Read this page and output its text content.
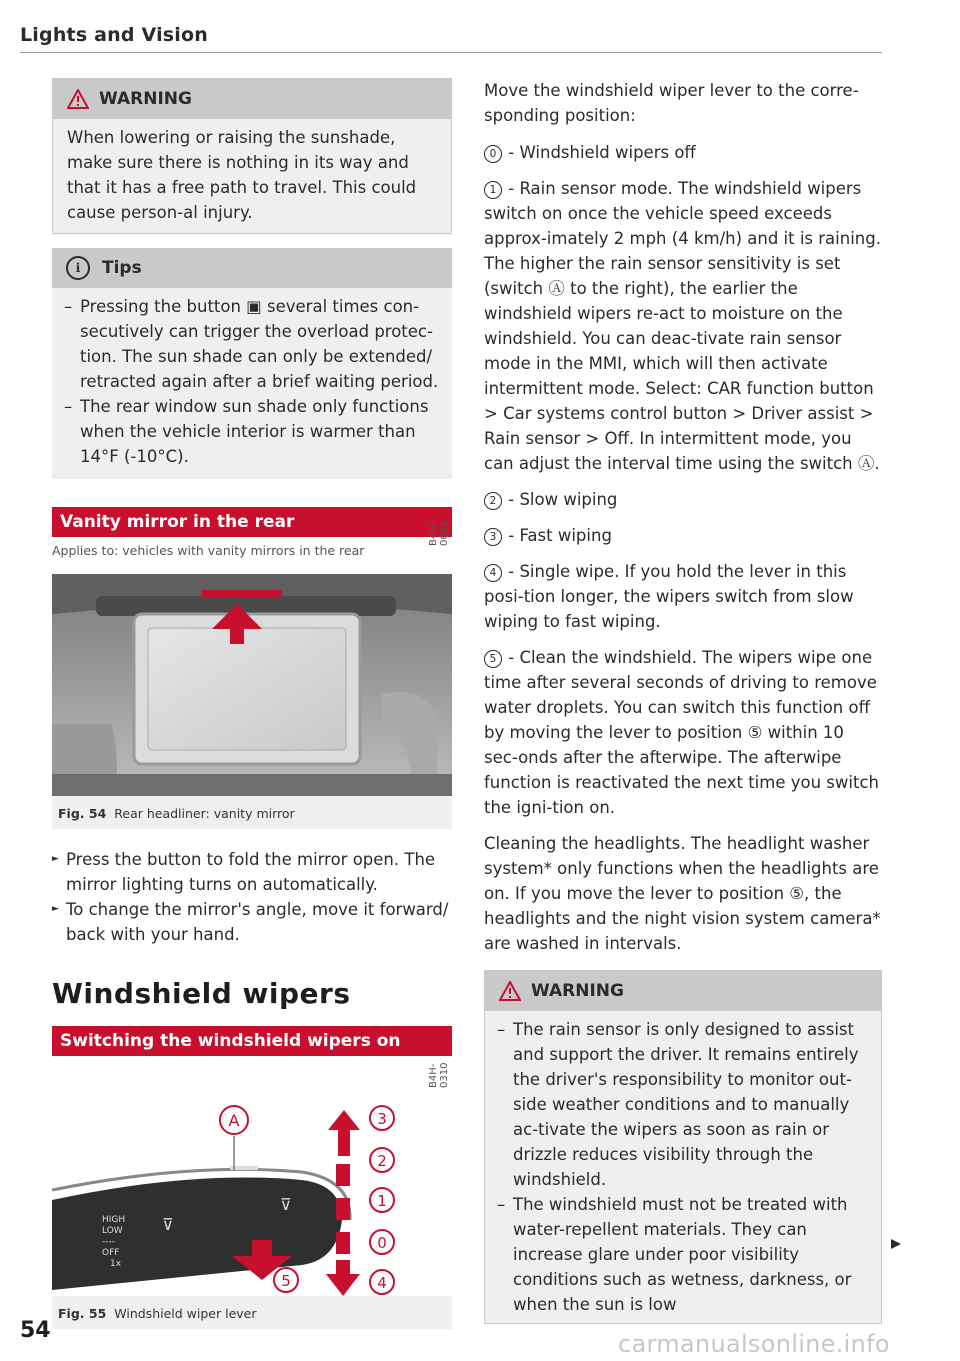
Lights and Vision
WARNING

When lowering or raising the sunshade, make sure there is nothing in its way and that it has a free path to travel. This could cause person-al injury.

i	Tips
– Pressing the button ▣ several times con-secutively can trigger the overload protec-tion. The sun shade can only be extended/ retracted again after a brief waiting period.
– The rear window sun shade only functions when the vehicle interior is warmer than 14°F (-10°C).
Vanity mirror in the rear
Applies to: vehicles with vanity mirrors in the rear
Fig. 54 Rear headliner: vanity mirror
B4H-0629
► Press the button to fold the mirror open. The mirror lighting turns on automatically.
► To change the mirror's angle, move it forward/ back with your hand.
Windshield wipers
Switching the windshield wipers on
HIGH
LOW
----
OFF
1x
⊽
⊽
A	3
2
1
0
4
5
Fig. 55 Windshield wiper lever
B4H-0310

Move the windshield wiper lever to the corre-sponding position:

0 - Windshield wipers off

1 - Rain sensor mode. The windshield wipers switch on once the vehicle speed exceeds approx-imately 2 mph (4 km/h) and it is raining. The higher the rain sensor sensitivity is set (switch Ⓐ to the right), the earlier the windshield wipers re-act to moisture on the windshield. You can deac-tivate rain sensor mode in the MMI, which will then activate intermittent mode. Select: CAR function button > Car systems control button > Driver assist > Rain sensor > Off. In intermittent mode, you can adjust the interval time using the switch Ⓐ.

2 - Slow wiping

3 - Fast wiping

4 - Single wipe. If you hold the lever in this posi-tion longer, the wipers switch from slow wiping to fast wiping.

5 - Clean the windshield. The wipers wipe one time after several seconds of driving to remove water droplets. You can switch this function off by moving the lever to position ⑤ within 10 sec-onds after the afterwipe. The afterwipe function is reactivated the next time you switch the igni-tion on.

Cleaning the headlights. The headlight washer system* only functions when the headlights are on. If you move the lever to position ⑤, the headlights and the night vision system camera* are washed in intervals.

WARNING
– The rain sensor is only designed to assist and support the driver. It remains entirely the driver's responsibility to monitor out-side weather conditions and to manually ac-tivate the wipers as soon as rain or drizzle reduces visibility through the windshield.
– The windshield must not be treated with water-repellent materials. They can increase glare under poor visibility conditions such as wetness, darkness, or when the sun is low
54	carmanualsonline.info
